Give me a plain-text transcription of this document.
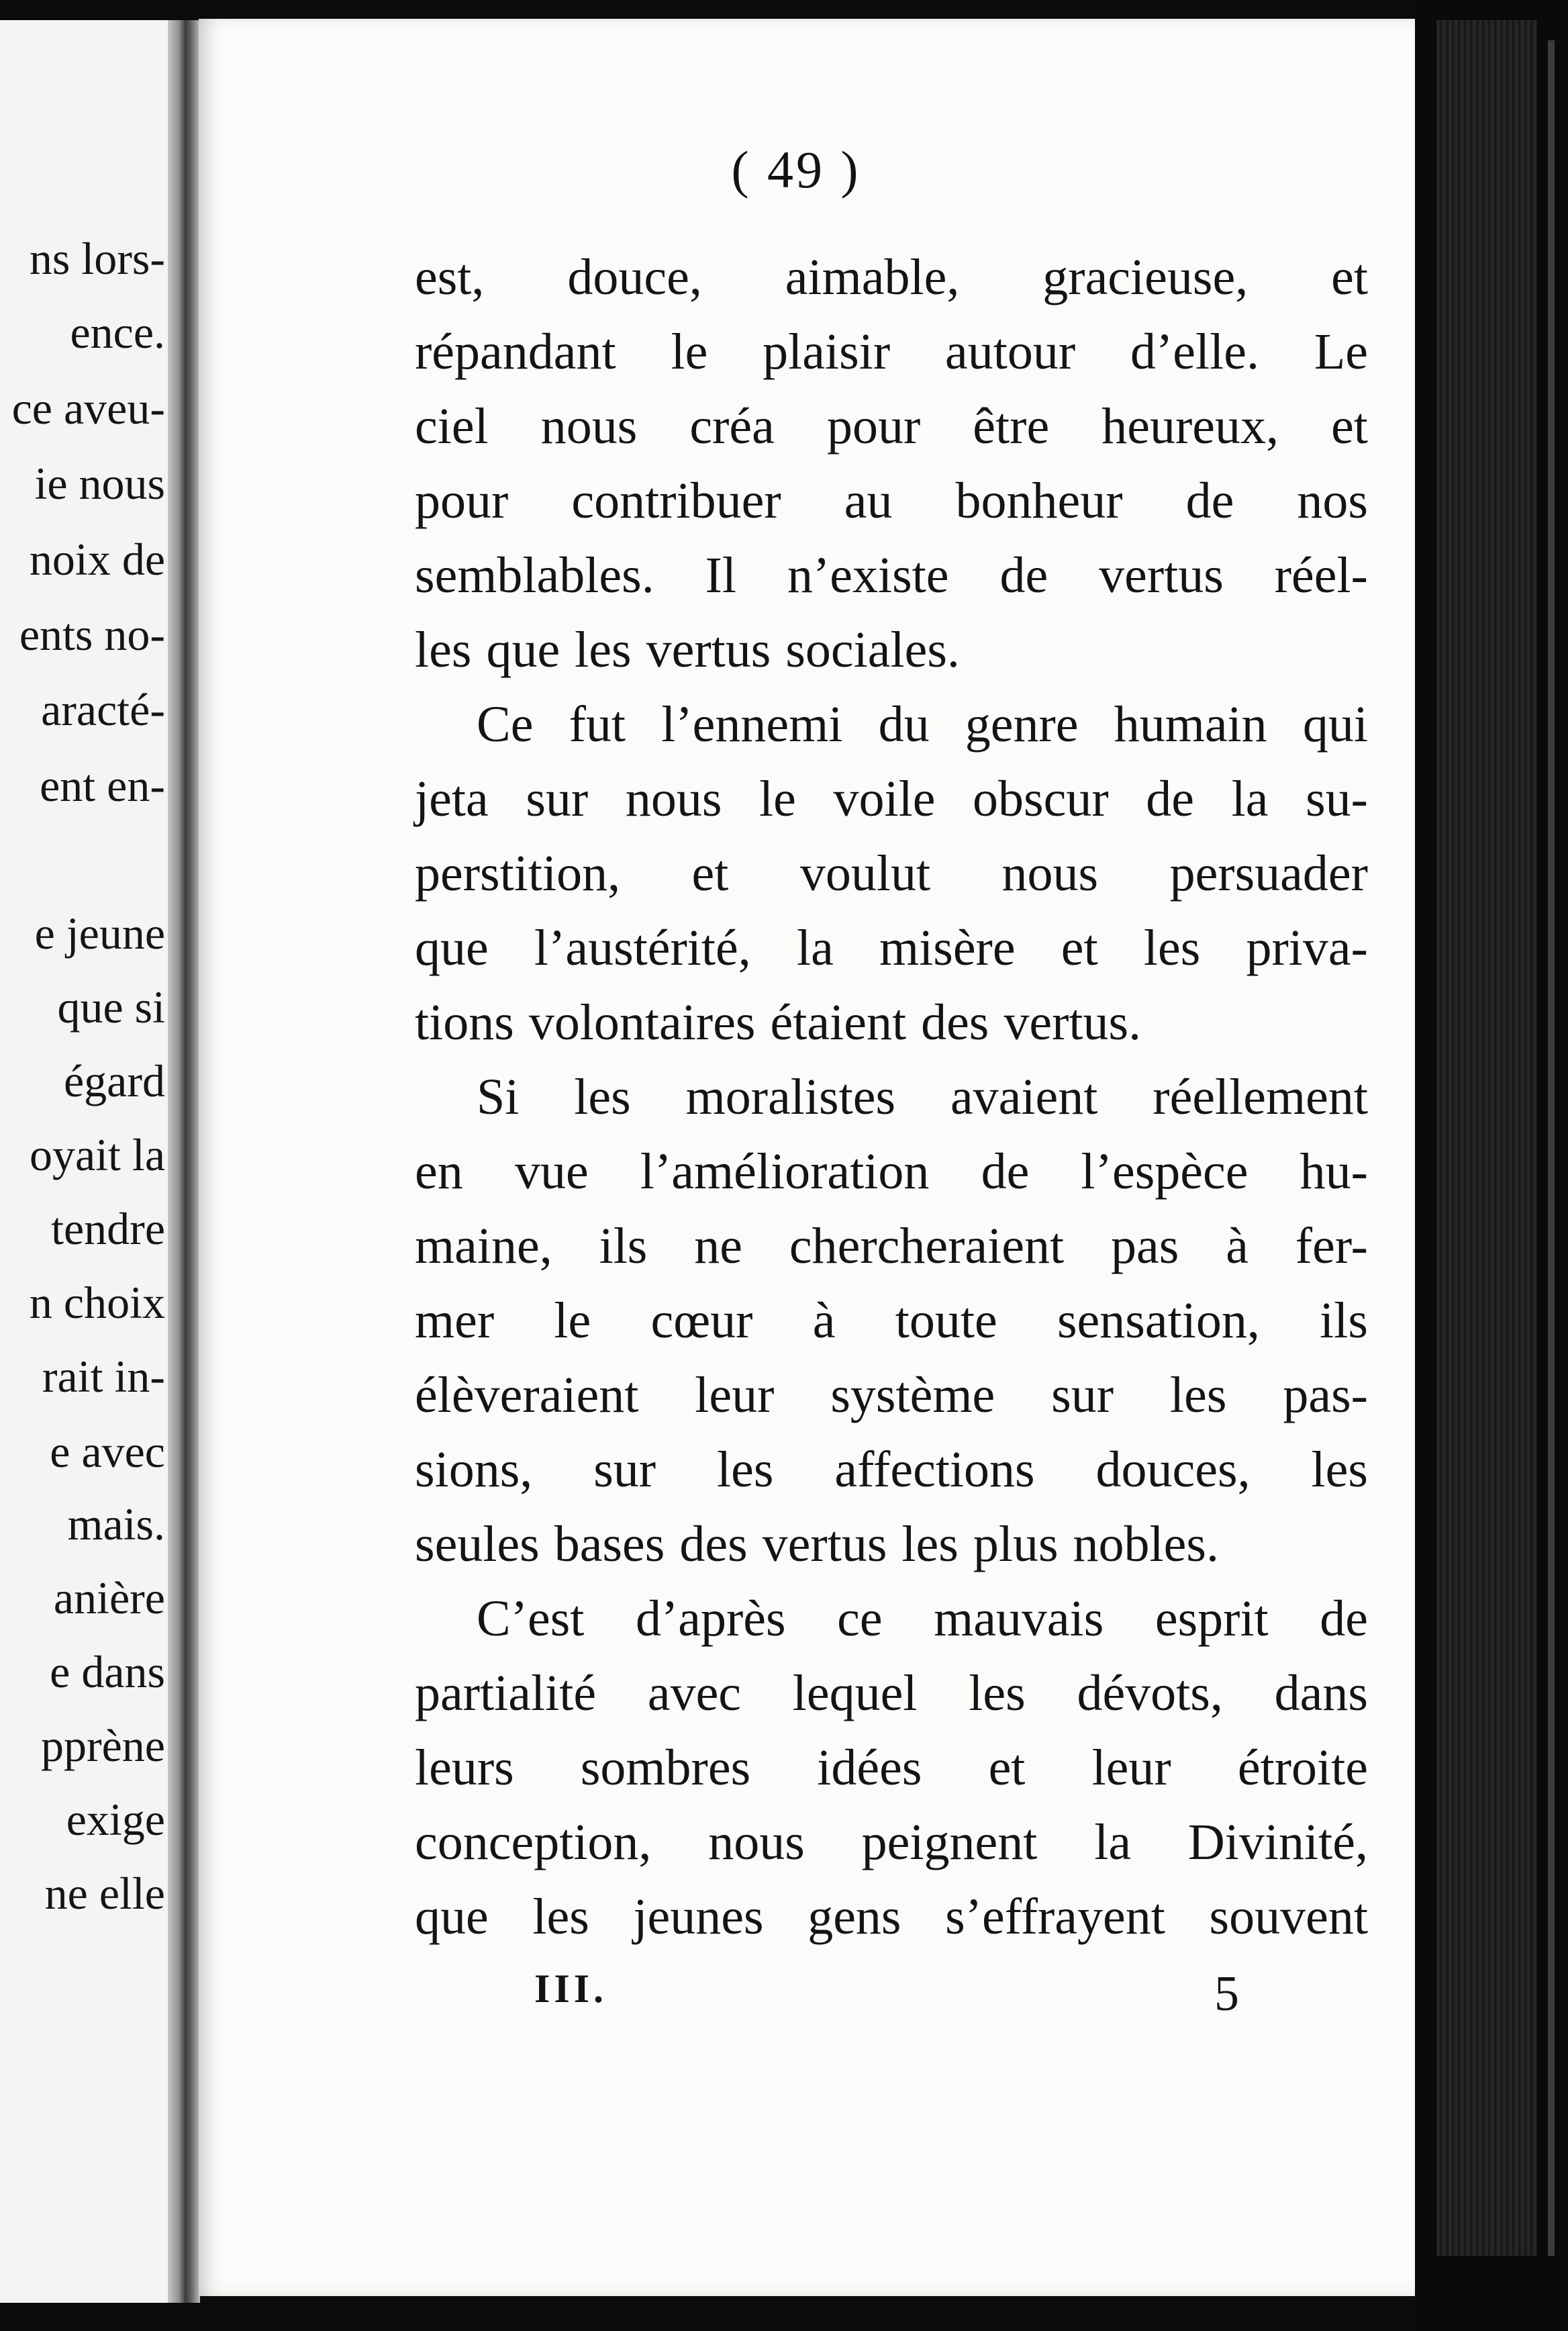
ns lors-
ence.
ce aveu-
ie nous
noix de
ents no-
aracté-
ent en-
e jeune
que si
égard
oyait la
tendre
n choix
rait in-
e avec
mais.
anière
e dans
pprène
exige
ne elle
( 49 )
est, douce, aimable, gracieuse, et
répandant le plaisir autour d’elle. Le
ciel nous créa pour être heureux, et
pour contribuer au bonheur de nos
semblables. Il n’existe de vertus réel-
les que les vertus sociales.
Ce fut l’ennemi du genre humain qui
jeta sur nous le voile obscur de la su-
perstition, et voulut nous persuader
que l’austérité, la misère et les priva-
tions volontaires étaient des vertus.
Si les moralistes avaient réellement
en vue l’amélioration de l’espèce hu-
maine, ils ne chercheraient pas à fer-
mer le cœur à toute sensation, ils
élèveraient leur système sur les pas-
sions, sur les affections douces, les
seules bases des vertus les plus nobles.
C’est d’après ce mauvais esprit de
partialité avec lequel les dévots, dans
leurs sombres idées et leur étroite
conception, nous peignent la Divinité,
que les jeunes gens s’effrayent souvent
III.	5
